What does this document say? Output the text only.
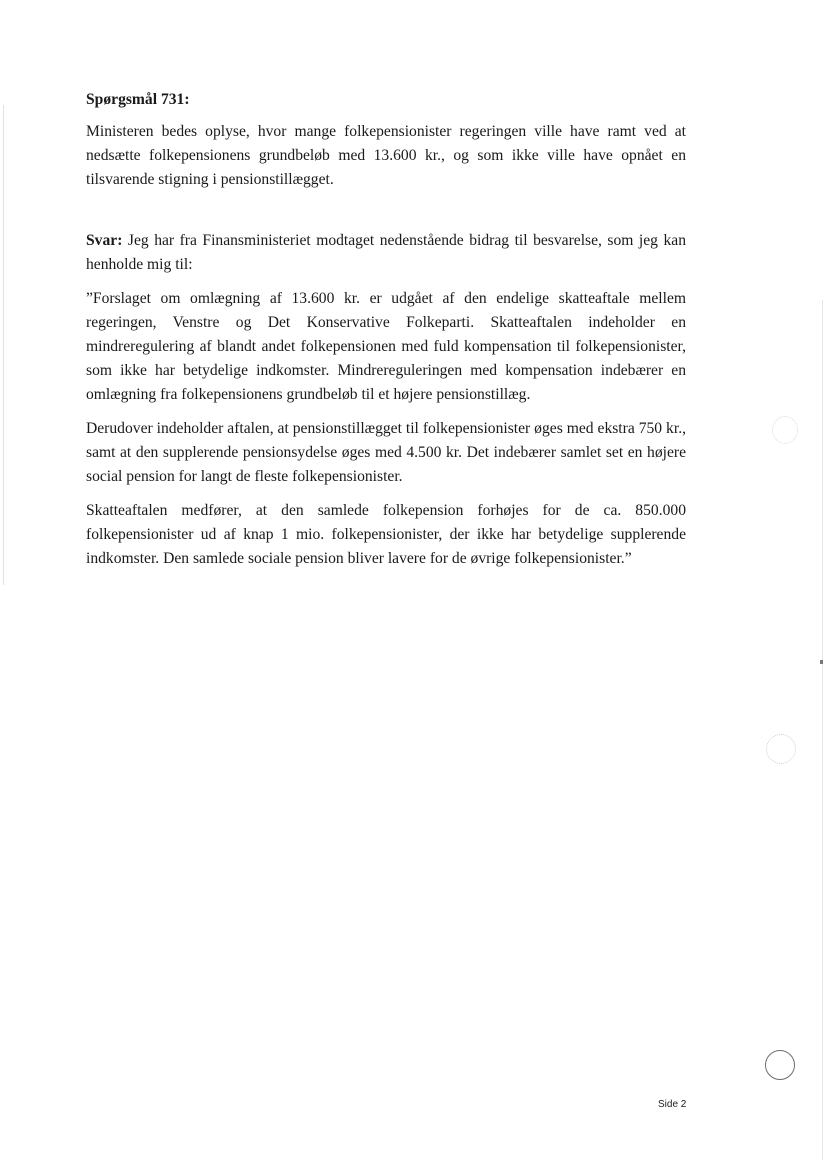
Spørgsmål 731:

Ministeren bedes oplyse, hvor mange folkepensionister regeringen ville have ramt ved at nedsætte folkepensionens grundbeløb med 13.600 kr., og som ikke ville have opnået en tilsvarende stigning i pensionstillægget.

Svar: Jeg har fra Finansministeriet modtaget nedenstående bidrag til besvarelse, som jeg kan henholde mig til:

”Forslaget om omlægning af 13.600 kr. er udgået af den endelige skatteaftale mellem regeringen, Venstre og Det Konservative Folkeparti. Skatteaftalen indeholder en mindreregulering af blandt andet folkepensionen med fuld kompensation til folkepensionister, som ikke har betydelige indkomster. Mindrereguleringen med kompensation indebærer en omlægning fra folkepensionens grundbeløb til et højere pensionstillæg.

Derudover indeholder aftalen, at pensionstillægget til folkepensionister øges med ekstra 750 kr., samt at den supplerende pensionsydelse øges med 4.500 kr. Det indebærer samlet set en højere social pension for langt de fleste folkepensionister.

Skatteaftalen medfører, at den samlede folkepension forhøjes for de ca. 850.000 folkepensionister ud af knap 1 mio. folkepensionister, der ikke har betydelige supplerende indkomster. Den samlede sociale pension bliver lavere for de øvrige folkepensionister.”

Side 2
